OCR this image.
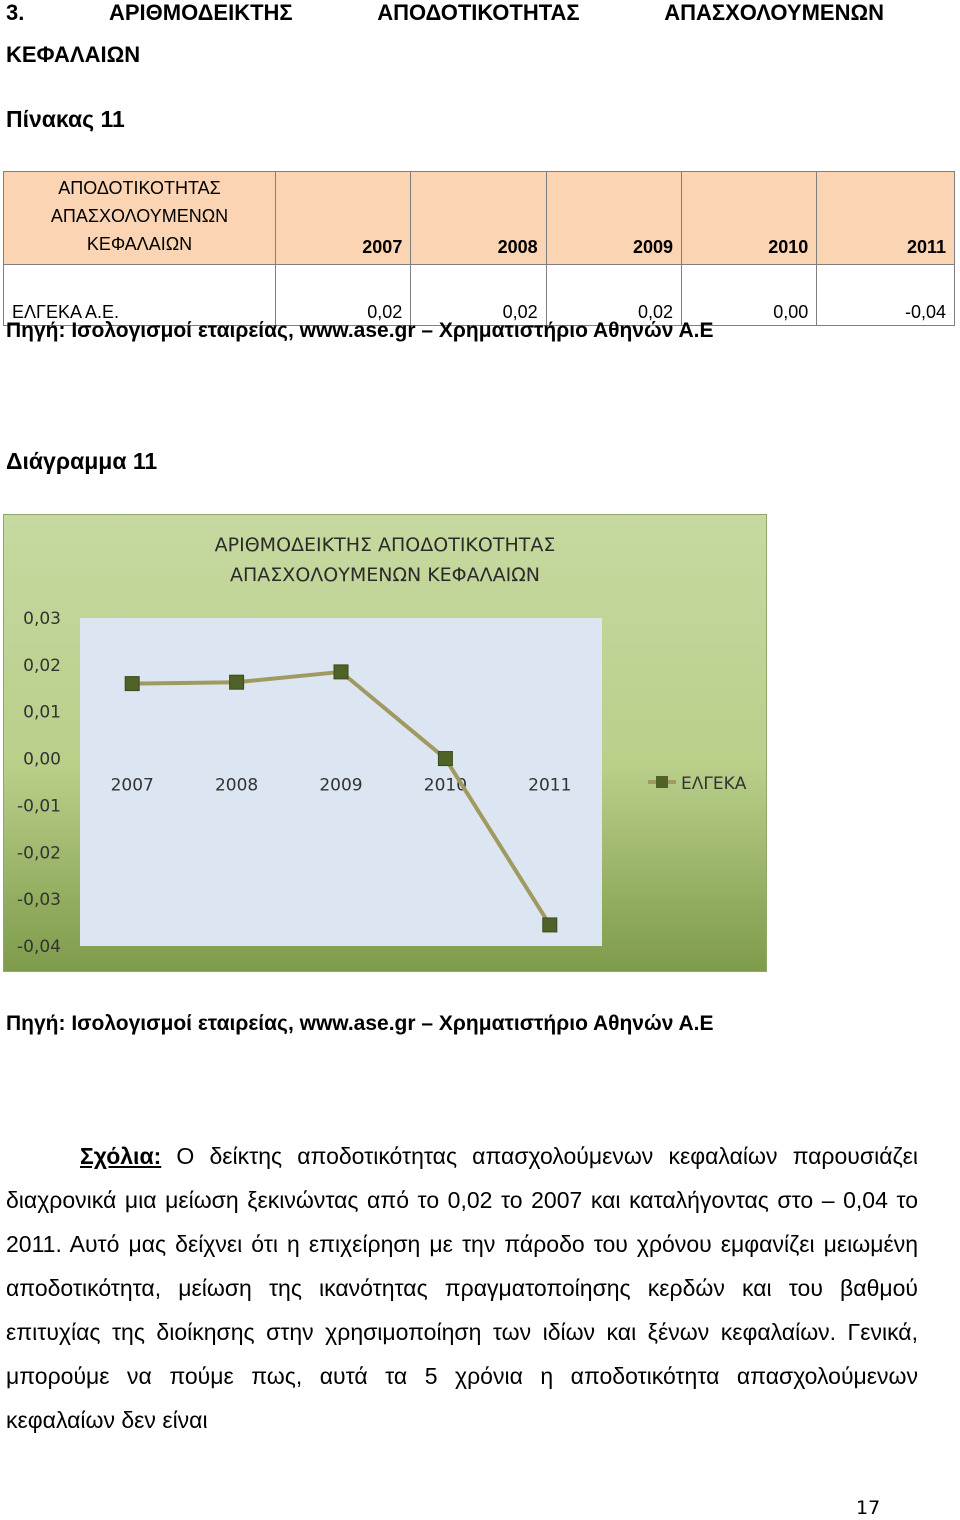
3.	ΑΡΙΘΜΟΔΕΙΚΤΗΣ	ΑΠΟΔΟΤΙΚΟΤΗΤΑΣ	ΑΠΑΣΧΟΛΟΥΜΕΝΩΝ
ΚΕΦΑΛΑΙΩΝ
Πίνακας 11
ΑΠΟΔΟΤΙΚΟΤΗΤΑΣ
ΑΠΑΣΧΟΛΟΥΜΕΝΩΝ
ΚΕΦΑΛΑΙΩΝ	2007	2008	2009	2010	2011
ΕΛΓΕΚΑ Α.Ε.	0,02	0,02	0,02	0,00	-0,04
Πηγή: Ισολογισμοί εταιρείας, www.ase.gr – Χρηματιστήριο Αθηνών Α.Ε
Διάγραμμα 11
ΑΡΙΘΜΟΔΕΙΚΤΗΣ ΑΠΟΔΟΤΙΚΟΤΗΤΑΣ
ΑΠΑΣΧΟΛΟΥΜΕΝΩΝ ΚΕΦΑΛΑΙΩΝ
0,03
0,02
0,01
0,00
-0,01
-0,02
-0,03
-0,04
2007	2008	2009	2010	2011	ΕΛΓΕΚΑ
Πηγή: Ισολογισμοί εταιρείας, www.ase.gr – Χρηματιστήριο Αθηνών Α.Ε

Σχόλια: Ο δείκτης αποδοτικότητας απασχολούμενων κεφαλαίων παρουσιάζει διαχρονικά μια μείωση ξεκινώντας από το 0,02 το 2007 και καταλήγοντας στο – 0,04 το 2011. Αυτό μας δείχνει ότι η επιχείρηση με την πάροδο του χρόνου εμφανίζει μειωμένη αποδοτικότητα, μείωση της ικανότητας πραγματοποίησης κερδών και του βαθμού επιτυχίας της διοίκησης στην χρησιμοποίηση των ιδίων και ξένων κεφαλαίων. Γενικά, μπορούμε να πούμε πως, αυτά τα 5 χρόνια η αποδοτικότητα απασχολούμενων κεφαλαίων δεν είναι

17
